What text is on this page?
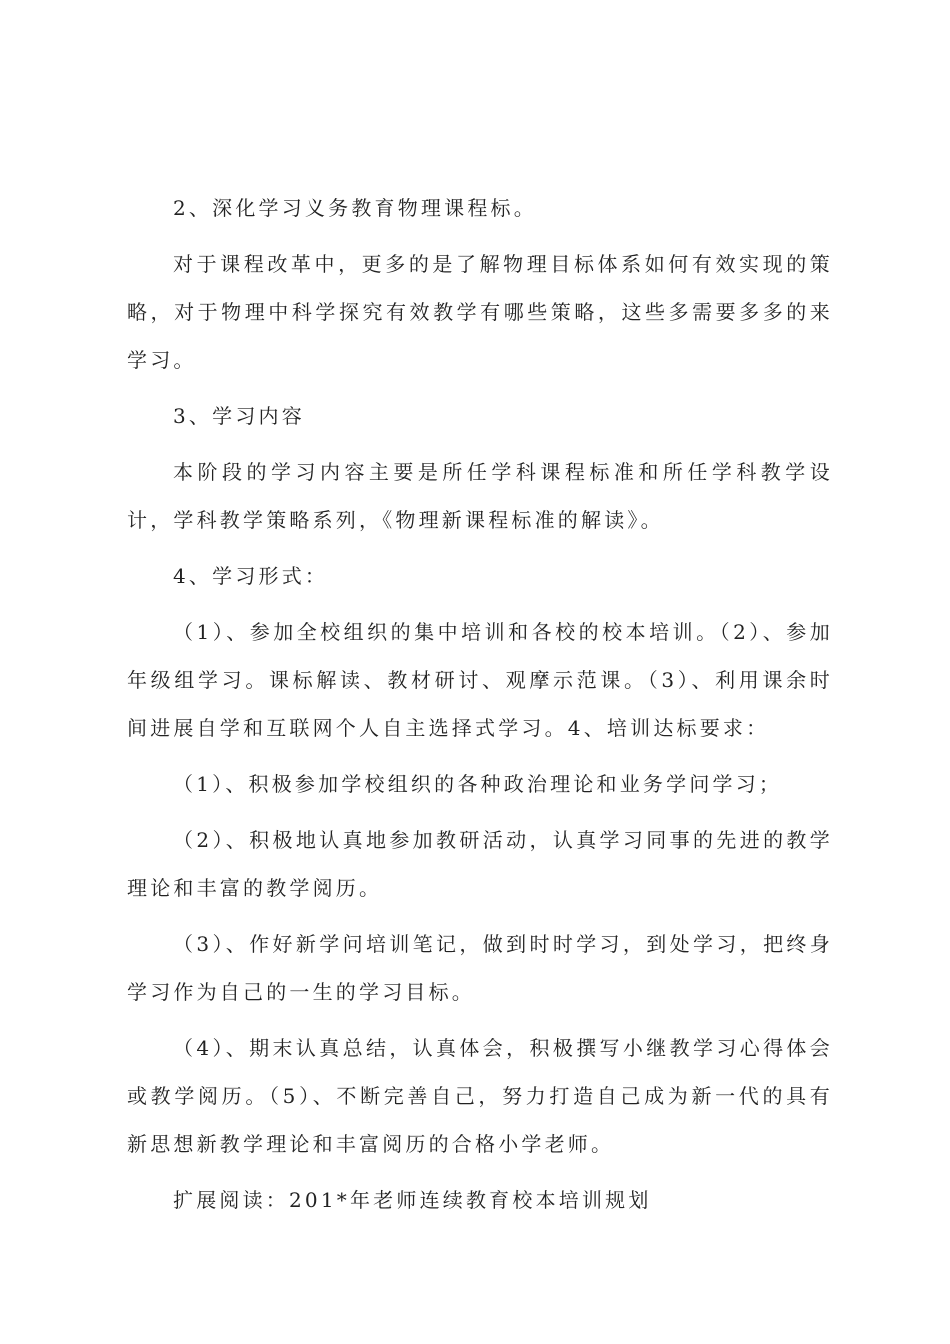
2、深化学习义务教育物理课程标。

对于课程改革中，更多的是了解物理目标体系如何有效实现的策略，对于物理中科学探究有效教学有哪些策略，这些多需要多多的来学习。

3、学习内容

本阶段的学习内容主要是所任学科课程标准和所任学科教学设计，学科教学策略系列，《物理新课程标准的解读》。

4、学习形式：

（1）、参加全校组织的集中培训和各校的校本培训。（2）、参加年级组学习。课标解读、教材研讨、观摩示范课。（3）、利用课余时间进展自学和互联网个人自主选择式学习。4、培训达标要求：

（1）、积极参加学校组织的各种政治理论和业务学问学习；

（2）、积极地认真地参加教研活动，认真学习同事的先进的教学理论和丰富的教学阅历。

（3）、作好新学问培训笔记，做到时时学习，到处学习，把终身学习作为自己的一生的学习目标。

（4）、期末认真总结，认真体会，积极撰写小继教学习心得体会或教学阅历。（5）、不断完善自己，努力打造自己成为新一代的具有新思想新教学理论和丰富阅历的合格小学老师。

扩展阅读：201*年老师连续教育校本培训规划
